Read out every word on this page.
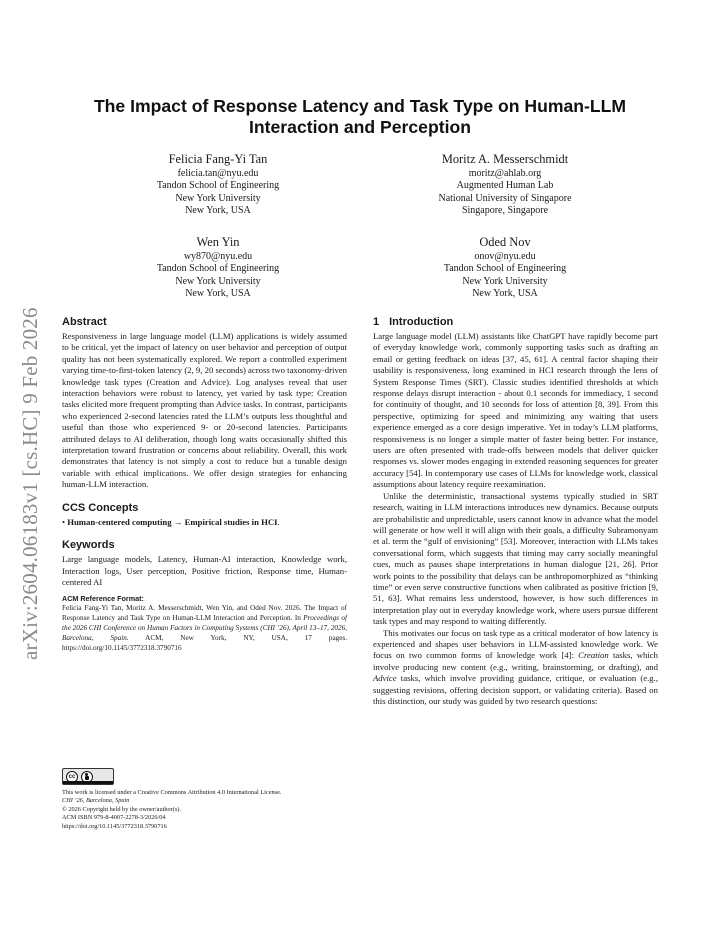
arXiv:2604.06183v1 [cs.HC] 9 Feb 2026
The Impact of Response Latency and Task Type on Human-LLM Interaction and Perception
Felicia Fang-Yi Tan
felicia.tan@nyu.edu
Tandon School of Engineering
New York University
New York, USA
Moritz A. Messerschmidt
moritz@ahlab.org
Augmented Human Lab
National University of Singapore
Singapore, Singapore
Wen Yin
wy870@nyu.edu
Tandon School of Engineering
New York University
New York, USA
Oded Nov
onov@nyu.edu
Tandon School of Engineering
New York University
New York, USA
Abstract

Responsiveness in large language model (LLM) applications is widely assumed to be critical, yet the impact of latency on user behavior and perception of output quality has not been systematically explored. We report a controlled experiment varying time-to-first-token latency (2, 9, 20 seconds) across two taxonomy-driven knowledge task types (Creation and Advice). Log analyses reveal that user interaction behaviors were robust to latency, yet varied by task type: Creation tasks elicited more frequent prompting than Advice tasks. In contrast, participants who experienced 2-second latencies rated the LLM’s outputs less thoughtful and useful than those who experienced 9- or 20-second latencies. Participants attributed delays to AI deliberation, though long waits occasionally shifted this interpretation toward frustration or concerns about reliability. Overall, this work demonstrates that latency is not simply a cost to reduce but a tunable design variable with ethical implications. We offer design strategies for enhancing human-LLM interaction.

CCS Concepts
• Human-centered computing → Empirical studies in HCI.
Keywords

Large language models, Latency, Human-AI interaction, Knowledge work, Interaction logs, User perception, Positive friction, Response time, Human-centered AI

ACM Reference Format:

Felicia Fang-Yi Tan, Moritz A. Messerschmidt, Wen Yin, and Oded Nov. 2026. The Impact of Response Latency and Task Type on Human-LLM Interaction and Perception. In Proceedings of the 2026 CHI Conference on Human Factors in Computing Systems (CHI ’26), April 13–17, 2026, Barcelona, Spain. ACM, New York, NY, USA, 17 pages. https://doi.org/10.1145/3772318.3790716

cc
This work is licensed under a Creative Commons Attribution 4.0 International License.
CHI ’26, Barcelona, Spain
© 2026 Copyright held by the owner/author(s).
ACM ISBN 979-8-4007-2278-3/2026/04
https://doi.org/10.1145/3772318.3790716
1 Introduction

Large language model (LLM) assistants like ChatGPT have rapidly become part of everyday knowledge work, commonly supporting tasks such as drafting an email or getting feedback on ideas [37, 45, 61]. A central factor shaping their usability is responsiveness, long examined in HCI research through the lens of System Response Times (SRT). Classic studies identified thresholds at which response delays disrupt interaction - about 0.1 seconds for immediacy, 1 second for continuity of thought, and 10 seconds for loss of attention [8, 39]. From this perspective, optimizing for speed and minimizing any waiting that users experience emerged as a core design imperative. Yet in today’s LLM platforms, responsiveness is no longer a simple matter of faster being better. For instance, users are often presented with trade-offs between models that deliver quicker responses vs. slower modes engaging in extended reasoning sequences for greater accuracy [54]. In contemporary use cases of LLMs for knowledge work, classical assumptions about latency require reexamination.

Unlike the deterministic, transactional systems typically studied in SRT research, waiting in LLM interactions introduces new dynamics. Because outputs are probabilistic and unpredictable, users cannot know in advance what the model will generate or how well it will align with their goals, a difficulty Subramonyam et al. term the “gulf of envisioning” [53]. Moreover, interaction with LLMs takes conversational form, which suggests that timing may carry socially meaningful cues, much as pauses shape interpretations in human dialogue [21, 26]. Prior work points to the possibility that delays can be anthropomorphized as “thinking time” or even serve constructive functions when calibrated as positive friction [9, 51, 63]. What remains less understood, however, is how such differences in interpretation play out in everyday knowledge work, where users pursue different task types and may respond to waiting differently.

This motivates our focus on task type as a critical moderator of how latency is experienced and shapes user behaviors in LLM-assisted knowledge work. We focus on two common forms of knowledge work [4]: Creation tasks, which involve producing new content (e.g., writing, brainstorming, or drafting), and Advice tasks, which involve providing guidance, critique, or evaluation (e.g., suggesting revisions, offering decision support, or validating criteria). Based on this distinction, our study was guided by two research questions:
